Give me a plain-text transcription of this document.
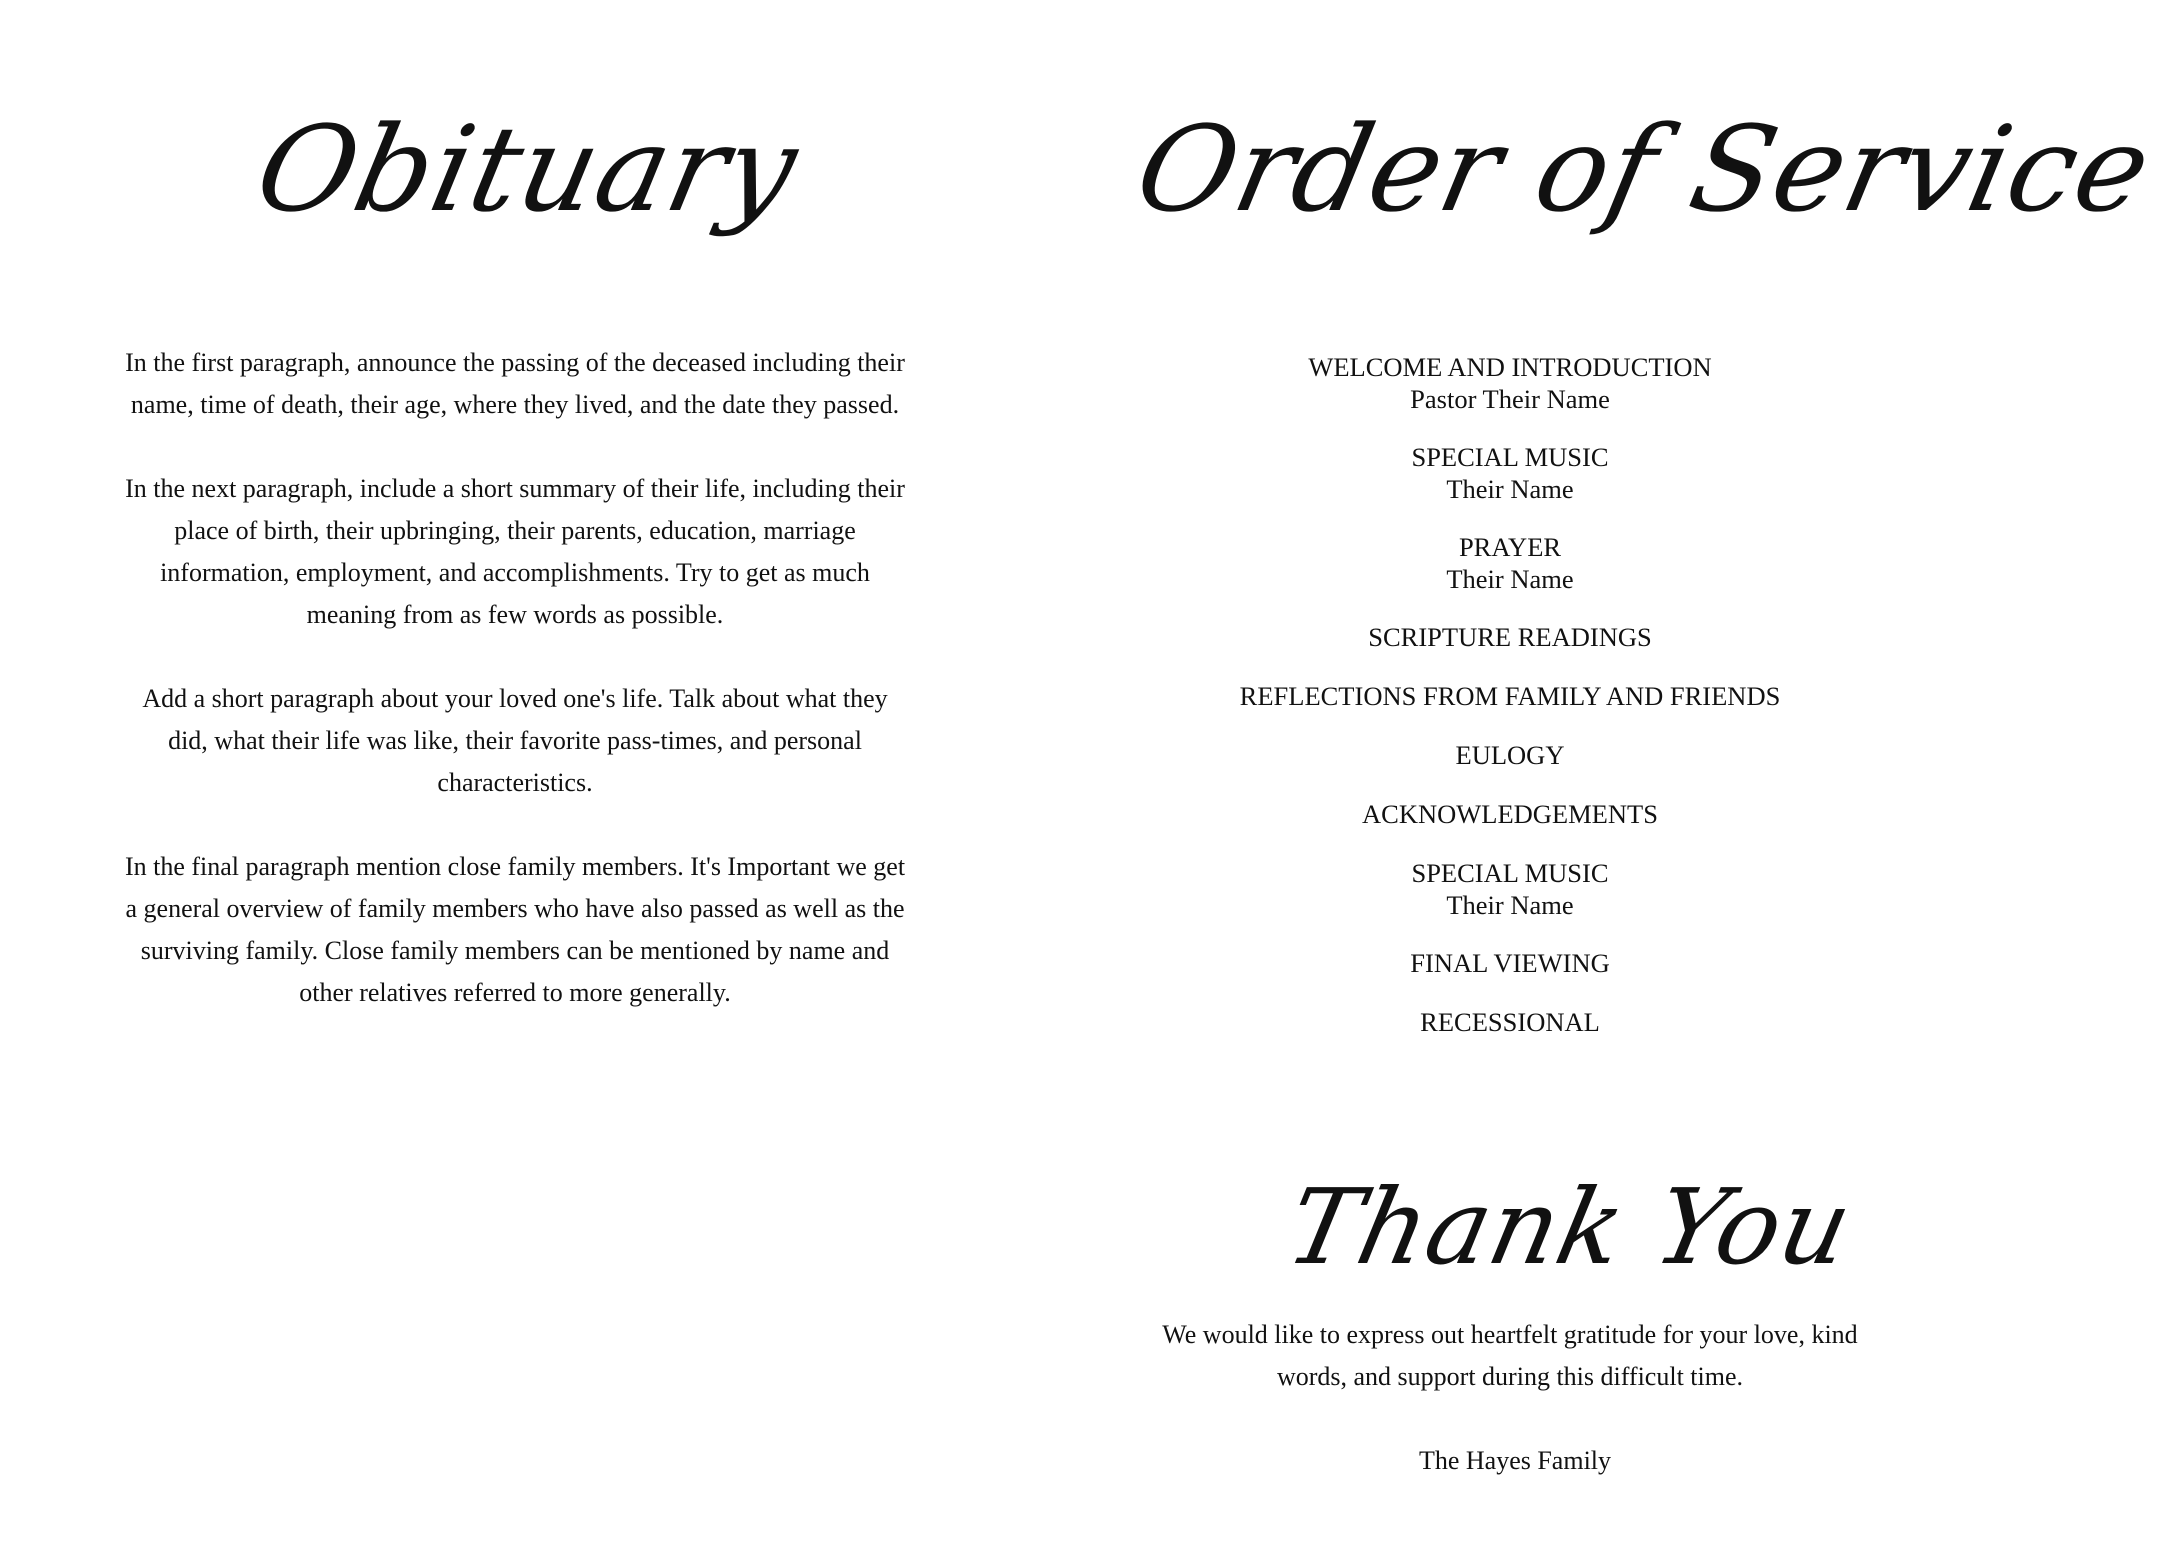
Obituary

In the first paragraph, announce the passing of the deceased including their name, time of death, their age, where they lived, and the date they passed.

In the next paragraph, include a short summary of their life, including their place of birth, their upbringing, their parents, education, marriage information, employment, and accomplishments. Try to get as much meaning from as few words as possible.

Add a short paragraph about your loved one's life. Talk about what they did, what their life was like, their favorite pass-times, and personal characteristics.

In the final paragraph mention close family members. It's Important we get a general overview of family members who have also passed as well as the surviving family. Close family members can be mentioned by name and other relatives referred to more generally.

Order of Service
WELCOME AND INTRODUCTION
Pastor Their Name
SPECIAL MUSIC
Their Name
PRAYER
Their Name
SCRIPTURE READINGS
REFLECTIONS FROM FAMILY AND FRIENDS
EULOGY
ACKNOWLEDGEMENTS
SPECIAL MUSIC
Their Name
FINAL VIEWING
RECESSIONAL
Thank You

We would like to express out heartfelt gratitude for your love, kind words, and support during this difficult time.

The Hayes Family
